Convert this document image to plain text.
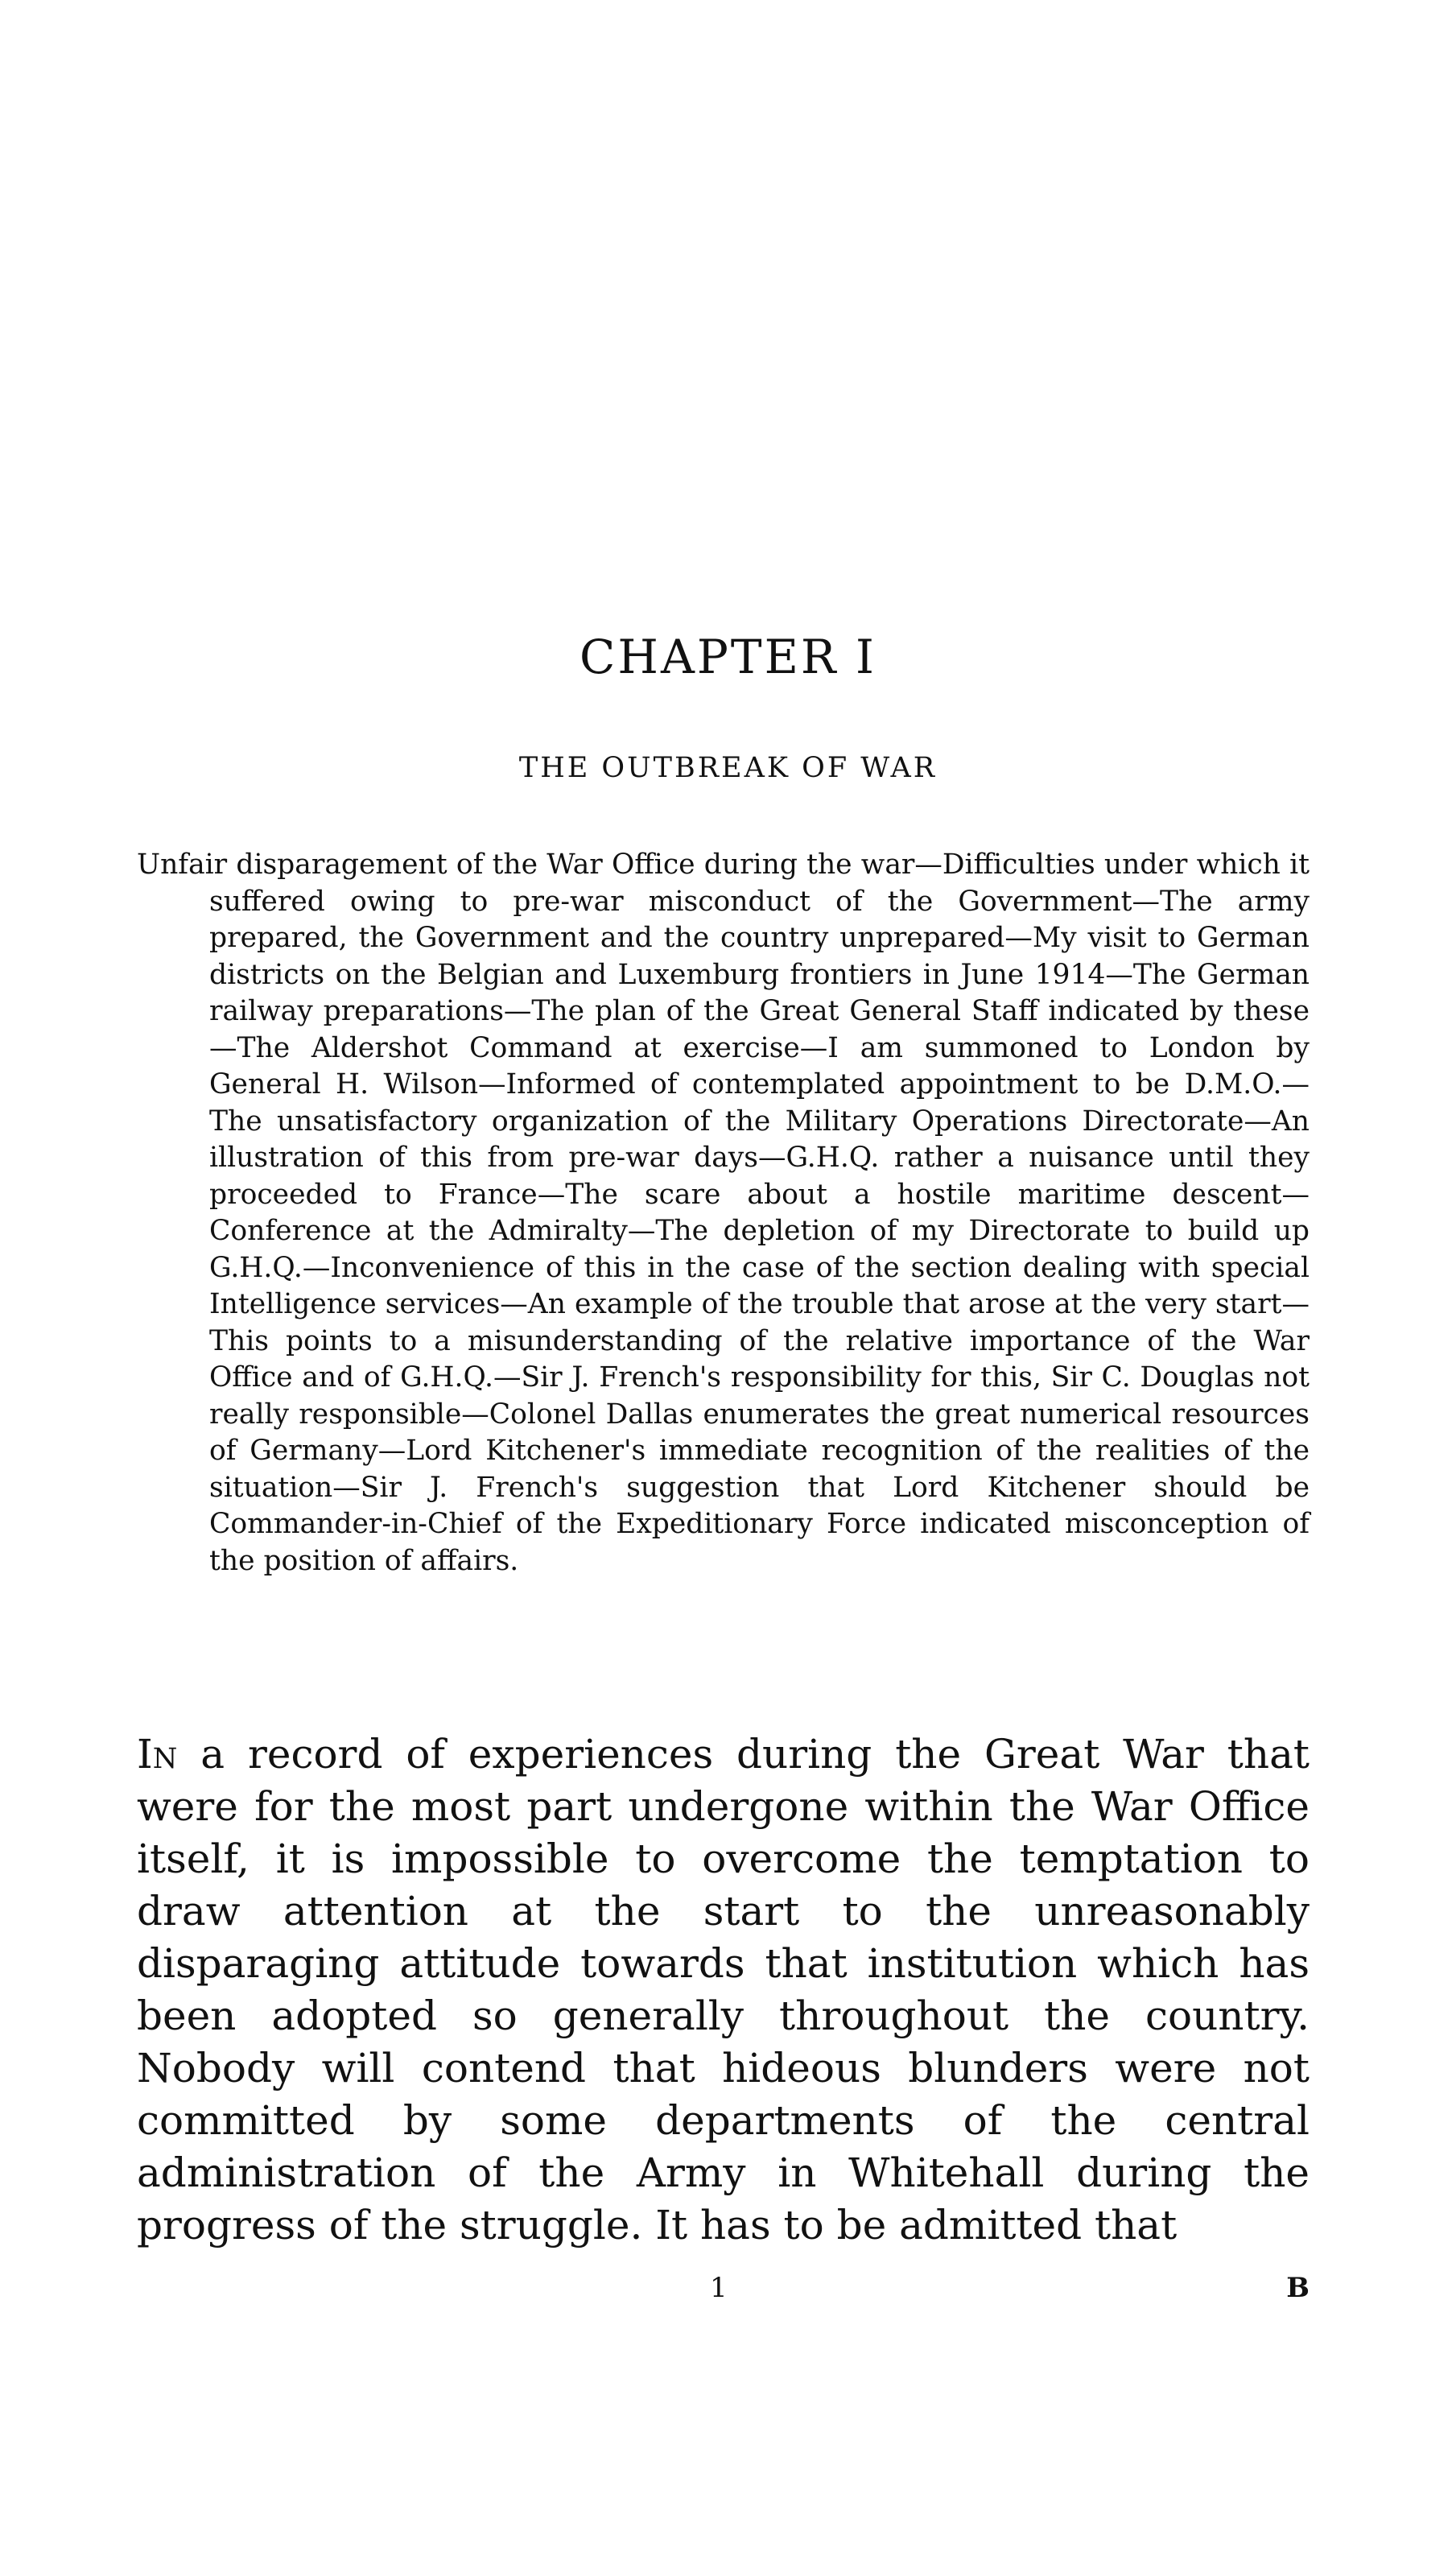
CHAPTER I
THE OUTBREAK OF WAR

Unfair disparagement of the War Office during the war—Difficulties under which it suffered owing to pre-war misconduct of the Government—The army prepared, the Government and the country unprepared—My visit to German districts on the Belgian and Luxemburg frontiers in June 1914—The German railway preparations—The plan of the Great General Staff indicated by these—The Aldershot Command at exercise—I am summoned to London by General H. Wilson—Informed of contemplated appointment to be D.M.O.—The unsatisfactory organization of the Military Operations Directorate—An illustration of this from pre-war days—G.H.Q. rather a nuisance until they proceeded to France—The scare about a hostile maritime descent—Conference at the Admiralty—The depletion of my Directorate to build up G.H.Q.—Inconvenience of this in the case of the section dealing with special Intelligence services—An example of the trouble that arose at the very start—This points to a misunderstanding of the relative importance of the War Office and of G.H.Q.—Sir J. French's responsibility for this, Sir C. Douglas not really responsible—Colonel Dallas enumerates the great numerical resources of Germany—Lord Kitchener's immediate recognition of the realities of the situation—Sir J. French's suggestion that Lord Kitchener should be Commander-in-Chief of the Expeditionary Force indicated misconception of the position of affairs.

In a record of experiences during the Great War that were for the most part undergone within the War Office itself, it is impossible to overcome the temptation to draw attention at the start to the unreasonably disparaging attitude towards that institution which has been adopted so generally throughout the country. Nobody will contend that hideous blunders were not committed by some departments of the central administration of the Army in Whitehall during the progress of the struggle. It has to be admitted that

1	B
